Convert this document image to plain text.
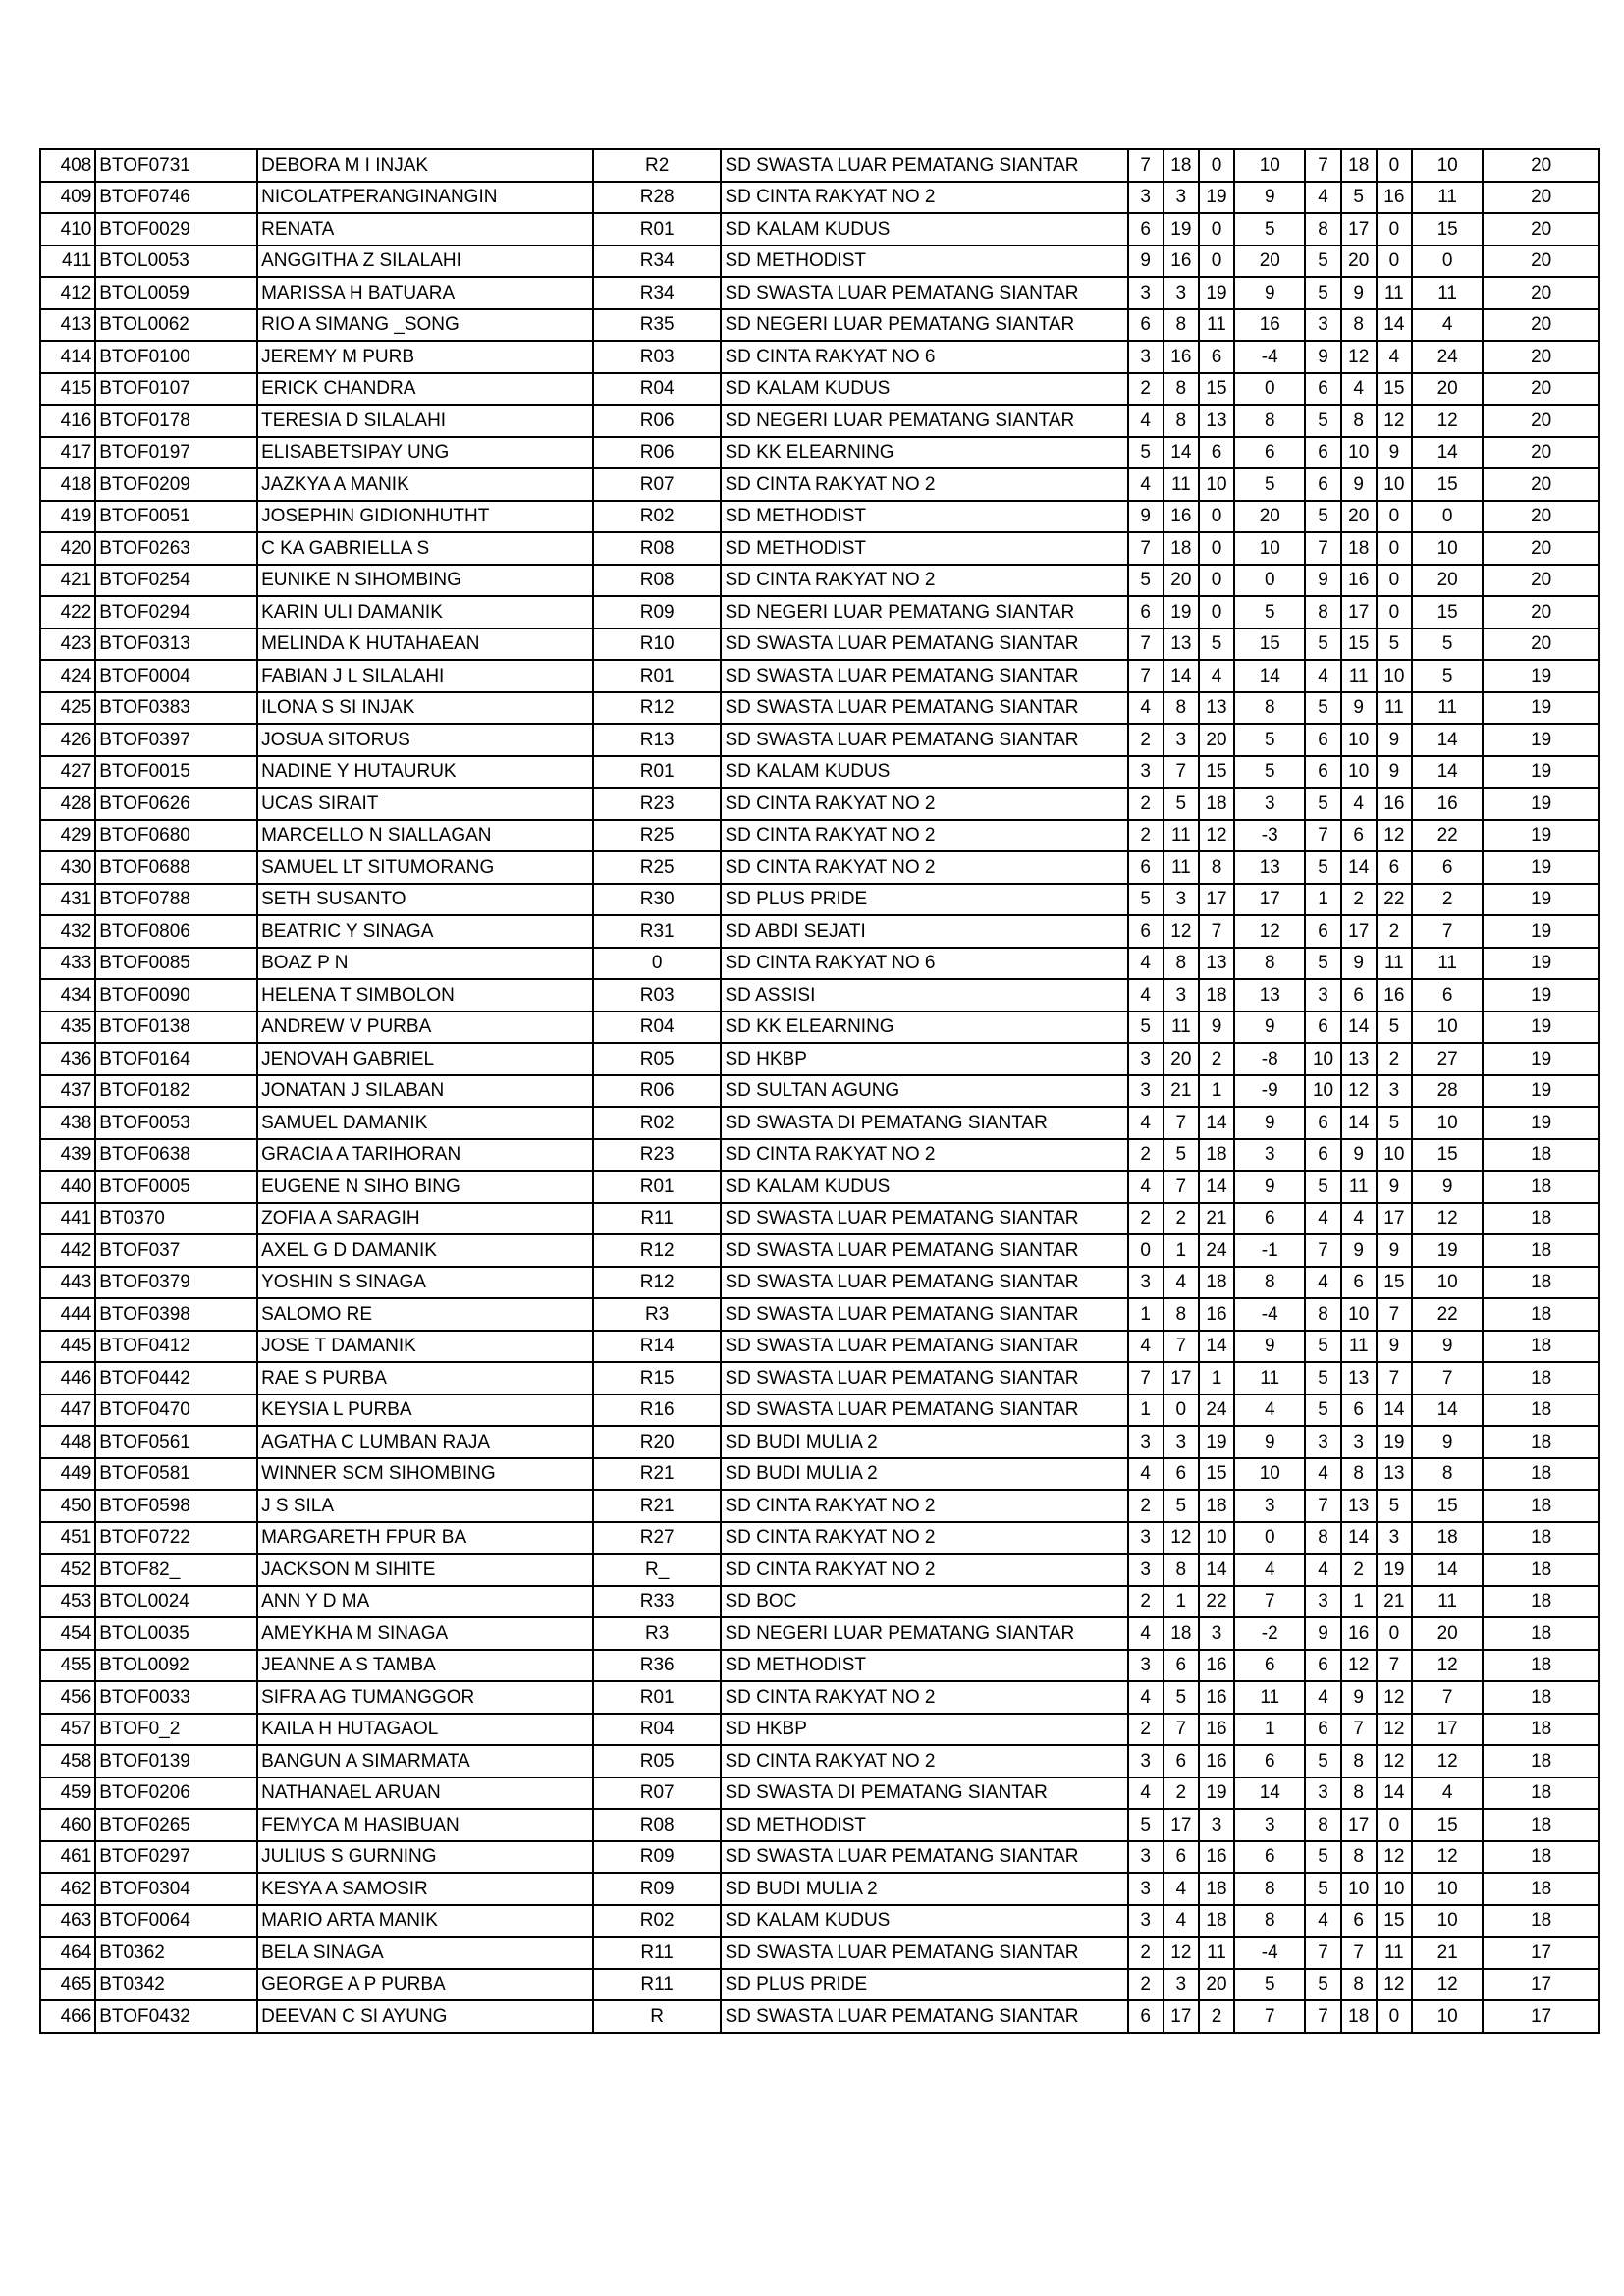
408	BTOF0731	DEBORA M I INJAK	R2	SD SWASTA LUAR PEMATANG SIANTAR	7	18	0	10	7	18	0	10	20
409	BTOF0746	NICOLATPERANGINANGIN	R28	SD CINTA RAKYAT NO 2	3	3	19	9	4	5	16	11	20
410	BTOF0029	RENATA	R01	SD KALAM KUDUS	6	19	0	5	8	17	0	15	20
411	BTOL0053	ANGGITHA Z SILALAHI	R34	SD METHODIST	9	16	0	20	5	20	0	0	20
412	BTOL0059	MARISSA H BATUARA	R34	SD SWASTA LUAR PEMATANG SIANTAR	3	3	19	9	5	9	11	11	20
413	BTOL0062	RIO A SIMANG _SONG	R35	SD NEGERI LUAR PEMATANG SIANTAR	6	8	11	16	3	8	14	4	20
414	BTOF0100	JEREMY M PURB	R03	SD CINTA RAKYAT NO 6	3	16	6	-4	9	12	4	24	20
415	BTOF0107	ERICK CHANDRA	R04	SD KALAM KUDUS	2	8	15	0	6	4	15	20	20
416	BTOF0178	TERESIA D SILALAHI	R06	SD NEGERI LUAR PEMATANG SIANTAR	4	8	13	8	5	8	12	12	20
417	BTOF0197	ELISABETSIPAY UNG	R06	SD KK ELEARNING	5	14	6	6	6	10	9	14	20
418	BTOF0209	JAZKYA A MANIK	R07	SD CINTA RAKYAT NO 2	4	11	10	5	6	9	10	15	20
419	BTOF0051	JOSEPHIN GIDIONHUTHT	R02	SD METHODIST	9	16	0	20	5	20	0	0	20
420	BTOF0263	C KA GABRIELLA S	R08	SD METHODIST	7	18	0	10	7	18	0	10	20
421	BTOF0254	EUNIKE N SIHOMBING	R08	SD CINTA RAKYAT NO 2	5	20	0	0	9	16	0	20	20
422	BTOF0294	KARIN ULI DAMANIK	R09	SD NEGERI LUAR PEMATANG SIANTAR	6	19	0	5	8	17	0	15	20
423	BTOF0313	MELINDA K HUTAHAEAN	R10	SD SWASTA LUAR PEMATANG SIANTAR	7	13	5	15	5	15	5	5	20
424	BTOF0004	FABIAN J L SILALAHI	R01	SD SWASTA LUAR PEMATANG SIANTAR	7	14	4	14	4	11	10	5	19
425	BTOF0383	ILONA S SI INJAK	R12	SD SWASTA LUAR PEMATANG SIANTAR	4	8	13	8	5	9	11	11	19
426	BTOF0397	JOSUA SITORUS	R13	SD SWASTA LUAR PEMATANG SIANTAR	2	3	20	5	6	10	9	14	19
427	BTOF0015	NADINE Y HUTAURUK	R01	SD KALAM KUDUS	3	7	15	5	6	10	9	14	19
428	BTOF0626	UCAS SIRAIT	R23	SD CINTA RAKYAT NO 2	2	5	18	3	5	4	16	16	19
429	BTOF0680	MARCELLO N SIALLAGAN	R25	SD CINTA RAKYAT NO 2	2	11	12	-3	7	6	12	22	19
430	BTOF0688	SAMUEL LT SITUMORANG	R25	SD CINTA RAKYAT NO 2	6	11	8	13	5	14	6	6	19
431	BTOF0788	SETH SUSANTO	R30	SD PLUS PRIDE	5	3	17	17	1	2	22	2	19
432	BTOF0806	BEATRIC Y SINAGA	R31	SD ABDI SEJATI	6	12	7	12	6	17	2	7	19
433	BTOF0085	BOAZ P N	0	SD CINTA RAKYAT NO 6	4	8	13	8	5	9	11	11	19
434	BTOF0090	HELENA T SIMBOLON	R03	SD ASSISI	4	3	18	13	3	6	16	6	19
435	BTOF0138	ANDREW V PURBA	R04	SD KK ELEARNING	5	11	9	9	6	14	5	10	19
436	BTOF0164	JENOVAH GABRIEL	R05	SD HKBP	3	20	2	-8	10	13	2	27	19
437	BTOF0182	JONATAN J SILABAN	R06	SD SULTAN AGUNG	3	21	1	-9	10	12	3	28	19
438	BTOF0053	SAMUEL DAMANIK	R02	SD SWASTA DI PEMATANG SIANTAR	4	7	14	9	6	14	5	10	19
439	BTOF0638	GRACIA A TARIHORAN	R23	SD CINTA RAKYAT NO 2	2	5	18	3	6	9	10	15	18
440	BTOF0005	EUGENE N SIHO BING	R01	SD KALAM KUDUS	4	7	14	9	5	11	9	9	18
441	BT0370	ZOFIA A SARAGIH	R11	SD SWASTA LUAR PEMATANG SIANTAR	2	2	21	6	4	4	17	12	18
442	BTOF037	AXEL G D DAMANIK	R12	SD SWASTA LUAR PEMATANG SIANTAR	0	1	24	-1	7	9	9	19	18
443	BTOF0379	YOSHIN S SINAGA	R12	SD SWASTA LUAR PEMATANG SIANTAR	3	4	18	8	4	6	15	10	18
444	BTOF0398	SALOMO RE	R3	SD SWASTA LUAR PEMATANG SIANTAR	1	8	16	-4	8	10	7	22	18
445	BTOF0412	JOSE T DAMANIK	R14	SD SWASTA LUAR PEMATANG SIANTAR	4	7	14	9	5	11	9	9	18
446	BTOF0442	RAE S PURBA	R15	SD SWASTA LUAR PEMATANG SIANTAR	7	17	1	11	5	13	7	7	18
447	BTOF0470	KEYSIA L PURBA	R16	SD SWASTA LUAR PEMATANG SIANTAR	1	0	24	4	5	6	14	14	18
448	BTOF0561	AGATHA C LUMBAN RAJA	R20	SD BUDI MULIA 2	3	3	19	9	3	3	19	9	18
449	BTOF0581	WINNER SCM SIHOMBING	R21	SD BUDI MULIA 2	4	6	15	10	4	8	13	8	18
450	BTOF0598	J S SILA	R21	SD CINTA RAKYAT NO 2	2	5	18	3	7	13	5	15	18
451	BTOF0722	MARGARETH FPUR BA	R27	SD CINTA RAKYAT NO 2	3	12	10	0	8	14	3	18	18
452	BTOF82_	JACKSON M SIHITE	R_	SD CINTA RAKYAT NO 2	3	8	14	4	4	2	19	14	18
453	BTOL0024	ANN Y D MA	R33	SD BOC	2	1	22	7	3	1	21	11	18
454	BTOL0035	AMEYKHA M SINAGA	R3	SD NEGERI LUAR PEMATANG SIANTAR	4	18	3	-2	9	16	0	20	18
455	BTOL0092	JEANNE A S TAMBA	R36	SD METHODIST	3	6	16	6	6	12	7	12	18
456	BTOF0033	SIFRA AG TUMANGGOR	R01	SD CINTA RAKYAT NO 2	4	5	16	11	4	9	12	7	18
457	BTOF0_2	KAILA H HUTAGAOL	R04	SD HKBP	2	7	16	1	6	7	12	17	18
458	BTOF0139	BANGUN A SIMARMATA	R05	SD CINTA RAKYAT NO 2	3	6	16	6	5	8	12	12	18
459	BTOF0206	NATHANAEL ARUAN	R07	SD SWASTA DI PEMATANG SIANTAR	4	2	19	14	3	8	14	4	18
460	BTOF0265	FEMYCA M HASIBUAN	R08	SD METHODIST	5	17	3	3	8	17	0	15	18
461	BTOF0297	JULIUS S GURNING	R09	SD SWASTA LUAR PEMATANG SIANTAR	3	6	16	6	5	8	12	12	18
462	BTOF0304	KESYA A SAMOSIR	R09	SD BUDI MULIA 2	3	4	18	8	5	10	10	10	18
463	BTOF0064	MARIO ARTA MANIK	R02	SD KALAM KUDUS	3	4	18	8	4	6	15	10	18
464	BT0362	BELA SINAGA	R11	SD SWASTA LUAR PEMATANG SIANTAR	2	12	11	-4	7	7	11	21	17
465	BT0342	GEORGE A P PURBA	R11	SD PLUS PRIDE	2	3	20	5	5	8	12	12	17
466	BTOF0432	DEEVAN C SI AYUNG	R	SD SWASTA LUAR PEMATANG SIANTAR	6	17	2	7	7	18	0	10	17
